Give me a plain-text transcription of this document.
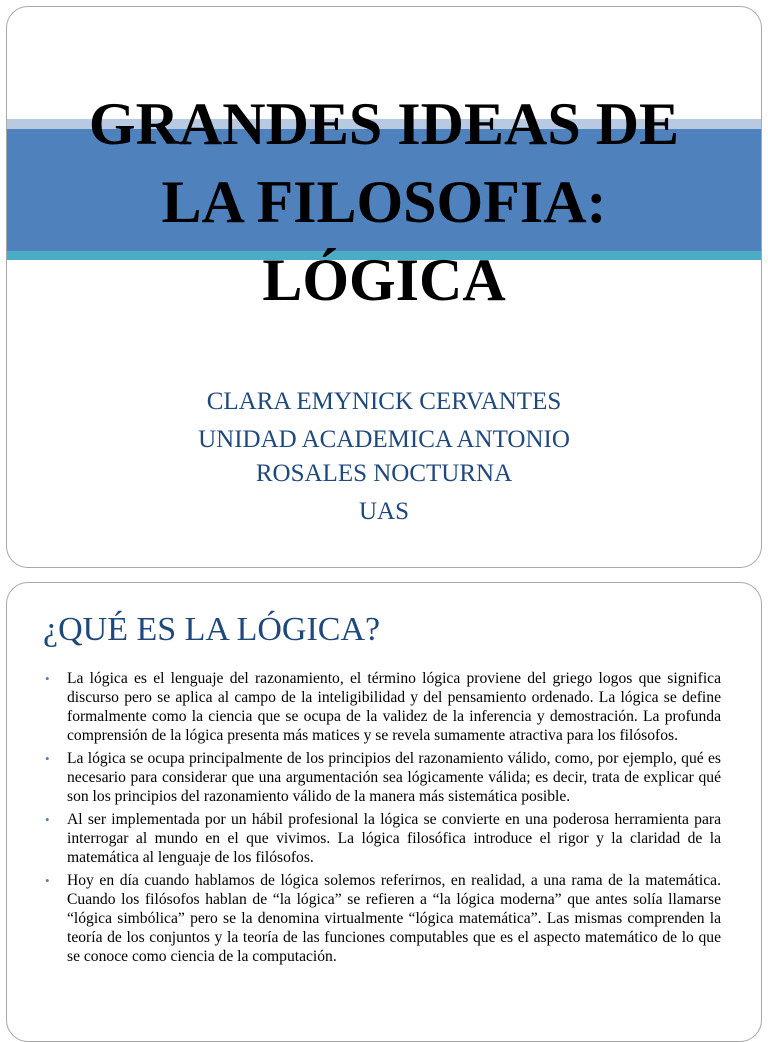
GRANDES IDEAS DE
LA FILOSOFIA:
LÓGICA
CLARA EMYNICK CERVANTES
UNIDAD ACADEMICA ANTONIO
ROSALES NOCTURNA
UAS
¿QUÉ ES LA LÓGICA?
• La lógica es el lenguaje del razonamiento, el término lógica proviene del griego logos que significa discurso pero se aplica al campo de la inteligibilidad y del pensamiento ordenado. La lógica se define formalmente como la ciencia que se ocupa de la validez de la inferencia y demostración. La profunda comprensión de la lógica presenta más matices y se revela sumamente atractiva para los filósofos.
• La lógica se ocupa principalmente de los principios del razonamiento válido, como, por ejemplo, qué es necesario para considerar que una argumentación sea lógicamente válida; es decir, trata de explicar qué son los principios del razonamiento válido de la manera más sistemática posible.
• Al ser implementada por un hábil profesional la lógica se convierte en una poderosa herramienta para interrogar al mundo en el que vivimos. La lógica filosófica introduce el rigor y la claridad de la matemática al lenguaje de los filósofos.
• Hoy en día cuando hablamos de lógica solemos referirnos, en realidad, a una rama de la matemática. Cuando los filósofos hablan de “la lógica” se refieren a “la lógica moderna” que antes solía llamarse “lógica simbólica” pero se la denomina virtualmente “lógica matemática”. Las mismas comprenden la teoría de los conjuntos y la teoría de las funciones computables que es el aspecto matemático de lo que se conoce como ciencia de la computación.
